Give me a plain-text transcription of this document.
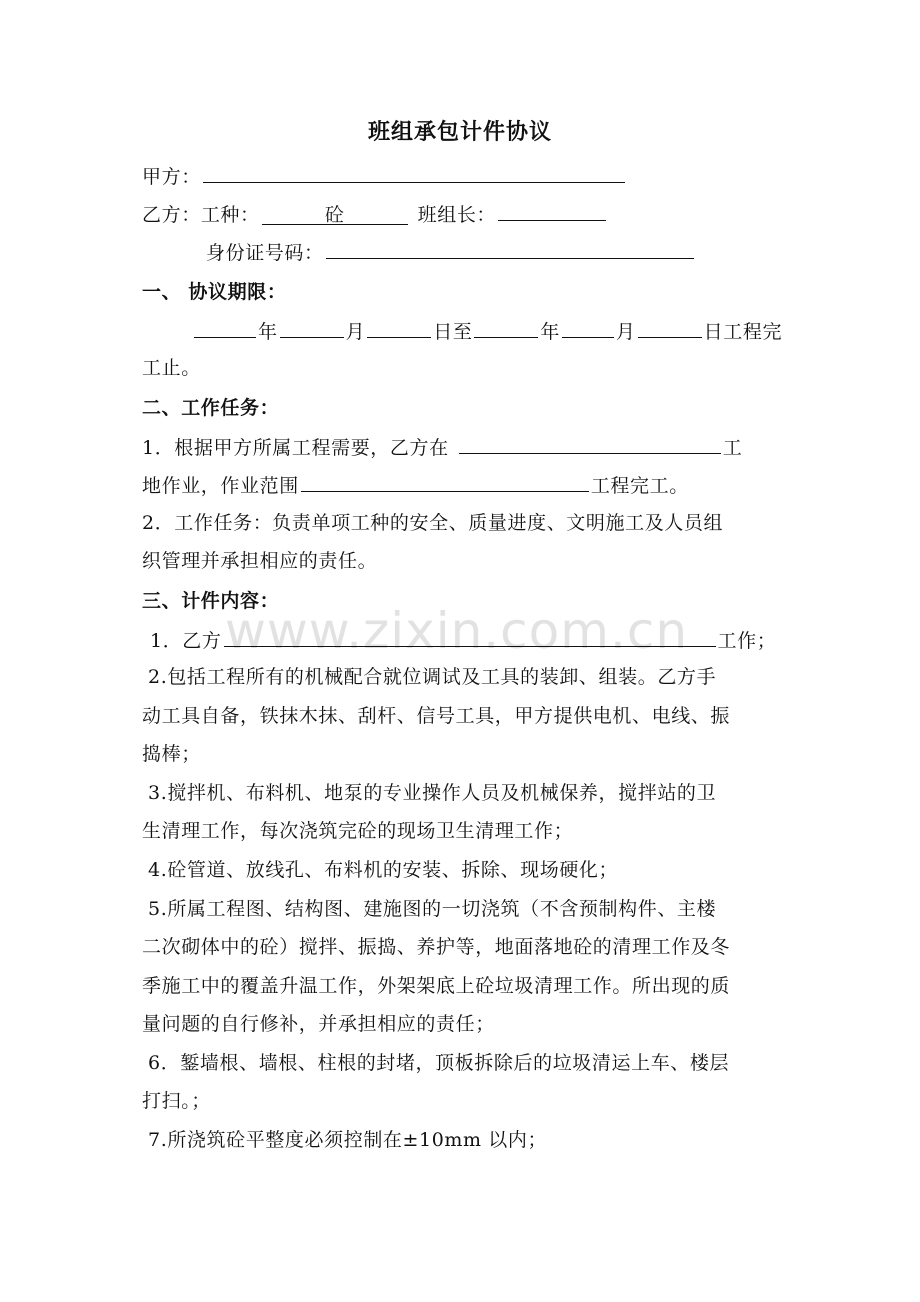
www.zixin.com.cn
班组承包计件协议
甲方：
乙方：工种：	砼	班组长：
身份证号码：
一、 协议期限：
年	月	日至	年	月	日工程完
工止。
二、工作任务：
1．根据甲方所属工程需要，乙方在	工
地作业，作业范围	工程完工。
2．工作任务：负责单项工种的安全、质量进度、文明施工及人员组
织管理并承担相应的责任。
三、计件内容：
1．乙方	工作；
2.包括工程所有的机械配合就位调试及工具的装卸、组装。乙方手
动工具自备，铁抹木抹、刮杆、信号工具，甲方提供电机、电线、振
捣棒；
3.搅拌机、布料机、地泵的专业操作人员及机械保养，搅拌站的卫
生清理工作，每次浇筑完砼的现场卫生清理工作；
4.砼管道、放线孔、布料机的安装、拆除、现场硬化；
5.所属工程图、结构图、建施图的一切浇筑（不含预制构件、主楼
二次砌体中的砼）搅拌、振捣、养护等，地面落地砼的清理工作及冬
季施工中的覆盖升温工作，外架架底上砼垃圾清理工作。所出现的质
量问题的自行修补，并承担相应的责任；
6．錾墙根、墙根、柱根的封堵，顶板拆除后的垃圾清运上车、楼层
打扫。；
7.所浇筑砼平整度必须控制在±10mm 以内；
